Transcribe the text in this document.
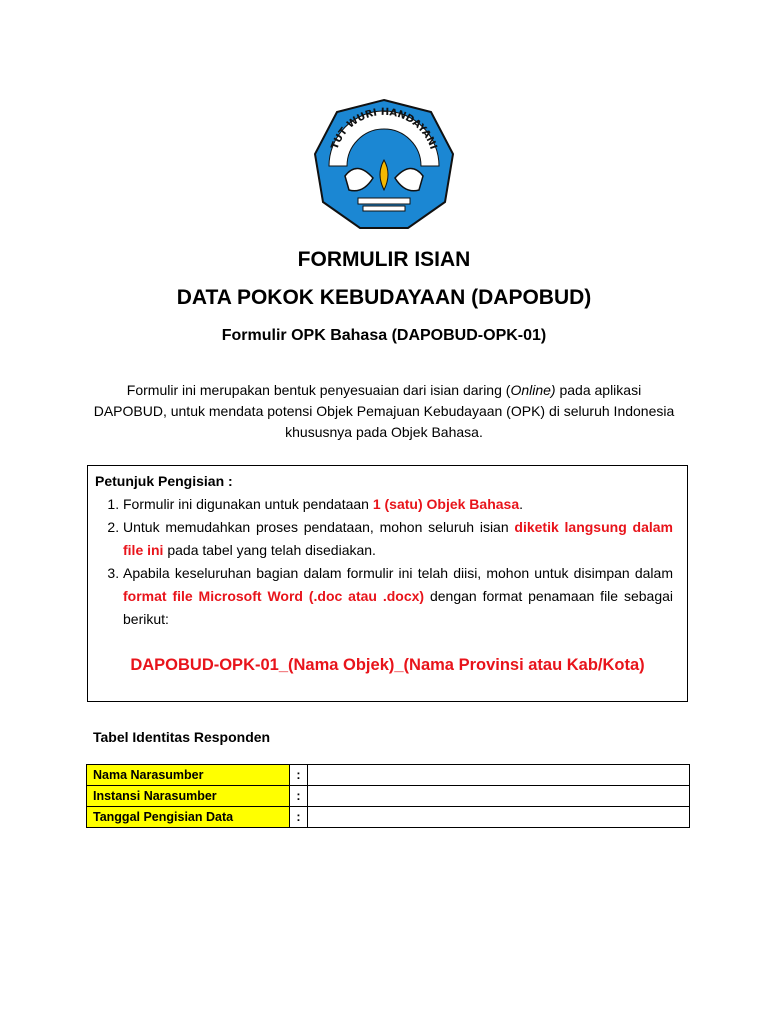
TUT WURI HANDAYANI
FORMULIR ISIAN
DATA POKOK KEBUDAYAAN (DAPOBUD)
Formulir OPK Bahasa (DAPOBUD-OPK-01)
Formulir ini merupakan bentuk penyesuaian dari isian daring (Online) pada aplikasi DAPOBUD, untuk mendata potensi Objek Pemajuan Kebudayaan (OPK) di seluruh Indonesia khususnya pada Objek Bahasa.
Petunjuk Pengisian :
1. Formulir ini digunakan untuk pendataan 1 (satu) Objek Bahasa.
2. Untuk memudahkan proses pendataan, mohon seluruh isian diketik langsung dalam file ini pada tabel yang telah disediakan.
3. Apabila keseluruhan bagian dalam formulir ini telah diisi, mohon untuk disimpan dalam format file Microsoft Word (.doc atau .docx) dengan format penamaan file sebagai berikut:
DAPOBUD-OPK-01_(Nama Objek)_(Nama Provinsi atau Kab/Kota)
Tabel Identitas Responden
Nama Narasumber	:	
Instansi Narasumber	:	
Tanggal Pengisian Data	:	
